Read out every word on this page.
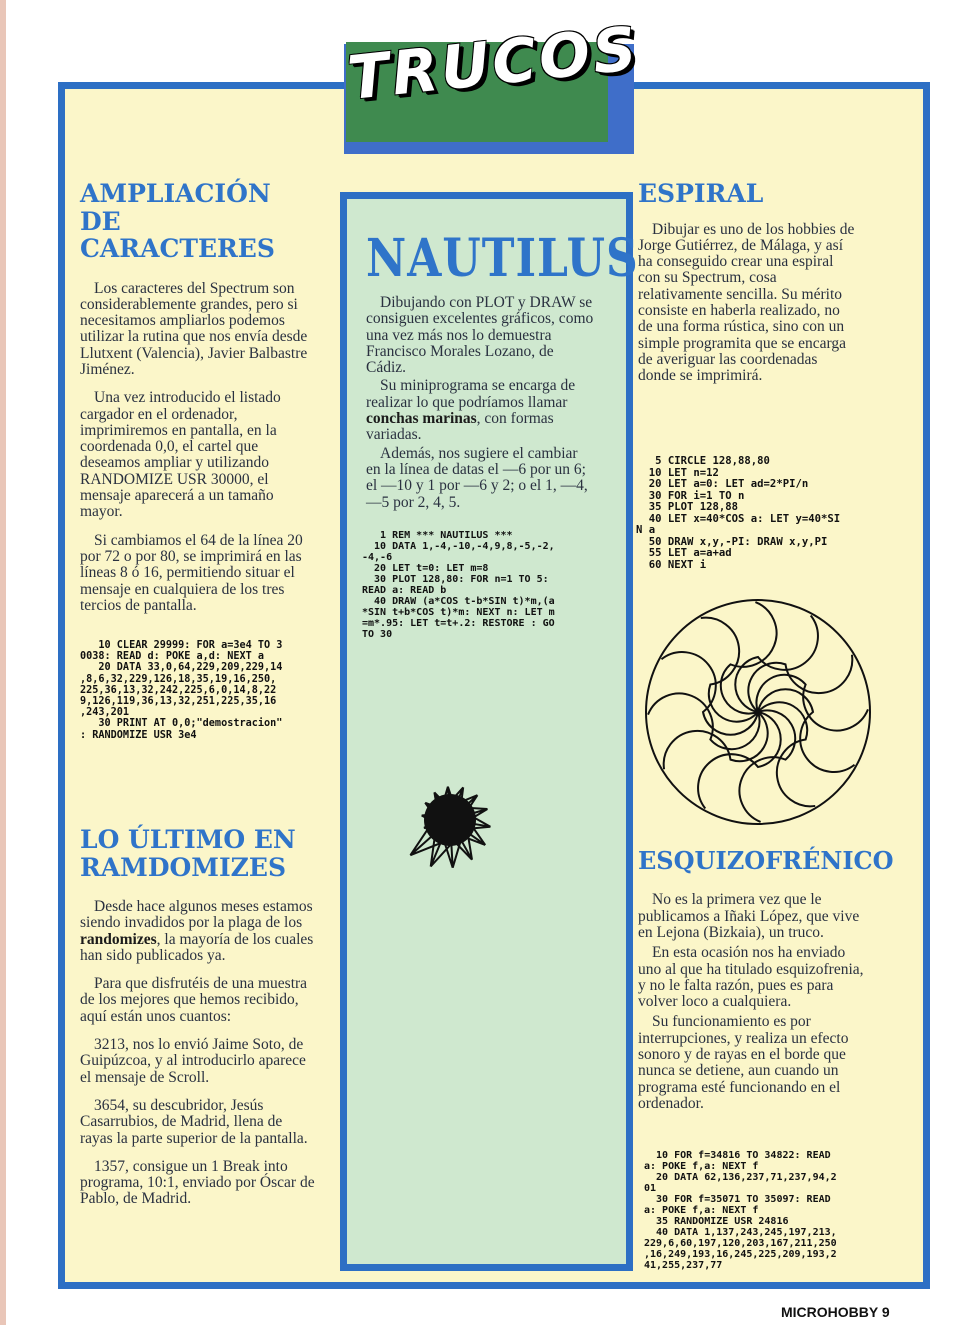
TRUCOS
AMPLIACIÓN DE CARACTERES

Los caracteres del Spectrum son considerablemente grandes, pero si necesitamos ampliarlos podemos utilizar la rutina que nos envía desde Llutxent (Valencia), Javier Balbastre Jiménez.

Una vez introducido el listado cargador en el ordenador, imprimiremos en pantalla, en la coordenada 0,0, el cartel que deseamos ampliar y utilizando RANDOMIZE USR 30000, el mensaje aparecerá a un tamaño mayor.

Si cambiamos el 64 de la línea 20 por 72 o por 80, se imprimirá en las líneas 8 ó 16, permitiendo situar el mensaje en cualquiera de los tres tercios de pantalla.

10 CLEAR 29999: FOR a=3e4 TO 3
0038: READ d: POKE a,d: NEXT a
20 DATA 33,0,64,229,209,229,14
,8,6,32,229,126,18,35,19,16,250,
225,36,13,32,242,225,6,0,14,8,22
9,126,119,36,13,32,251,225,35,16
,243,201
30 PRINT AT 0,0;"demostracion"
: RANDOMIZE USR 3e4
LO ÚLTIMO EN RAMDOMIZES

Desde hace algunos meses estamos siendo invadidos por la plaga de los randomizes, la mayoría de los cuales han sido publicados ya.

Para que disfrutéis de una muestra de los mejores que hemos recibido, aquí están unos cuantos:

3213, nos lo envió Jaime Soto, de Guipúzcoa, y al introducirlo aparece el mensaje de Scroll.

3654, su descubridor, Jesús Casarrubios, de Madrid, llena de rayas la parte superior de la pantalla.

1357, consigue un 1 Break into programa, 10:1, enviado por Óscar de Pablo, de Madrid.

NAUTILUS

Dibujando con PLOT y DRAW se consiguen excelentes gráficos, como una vez más nos lo demuestra Francisco Morales Lozano, de Cádiz.

Su miniprograma se encarga de realizar lo que podríamos llamar conchas marinas, con formas variadas.

Además, nos sugiere el cambiar en la línea de datas el —6 por un 6; el —10 y 1 por —6 y 2; o el 1, —4, —5 por 2, 4, 5.

1 REM *** NAUTILUS ***
10 DATA 1,-4,-10,-4,9,8,-5,-2,
-4,-6
20 LET t=0: LET m=8
30 PLOT 128,80: FOR n=1 TO 5:
READ a: READ b
40 DRAW (a*COS t-b*SIN t)*m,(a
*SIN t+b*COS t)*m: NEXT n: LET m
=m*.95: LET t=t+.2: RESTORE : GO
TO 30
ESPIRAL

Dibujar es uno de los hobbies de Jorge Gutiérrez, de Málaga, y así ha conseguido crear una espiral con su Spectrum, cosa relativamente sencilla. Su mérito consiste en haberla realizado, no de una forma rústica, sino con un simple programita que se encarga de averiguar las coordenadas donde se imprimirá.

5 CIRCLE 128,88,80
10 LET n=12
20 LET a=0: LET ad=2*PI/n
30 FOR i=1 TO n
35 PLOT 128,88
40 LET x=40*COS a: LET y=40*SI
N a
50 DRAW x,y,-PI: DRAW x,y,PI
55 LET a=a+ad
60 NEXT i
ESQUIZOFRÉNICO

No es la primera vez que le publicamos a Iñaki López, que vive en Lejona (Bizkaia), un truco.

En esta ocasión nos ha enviado uno al que ha titulado esquizofrenia, y no le falta razón, pues es para volver loco a cualquiera.

Su funcionamiento es por interrupciones, y realiza un efecto sonoro y de rayas en el borde que nunca se detiene, aun cuando un programa esté funcionando en el ordenador.

10 FOR f=34816 TO 34822: READ
a: POKE f,a: NEXT f
20 DATA 62,136,237,71,237,94,2
01
30 FOR f=35071 TO 35097: READ
a: POKE f,a: NEXT f
35 RANDOMIZE USR 24816
40 DATA 1,137,243,245,197,213,
229,6,60,197,120,203,167,211,250
,16,249,193,16,245,225,209,193,2
41,255,237,77
MICROHOBBY 9
